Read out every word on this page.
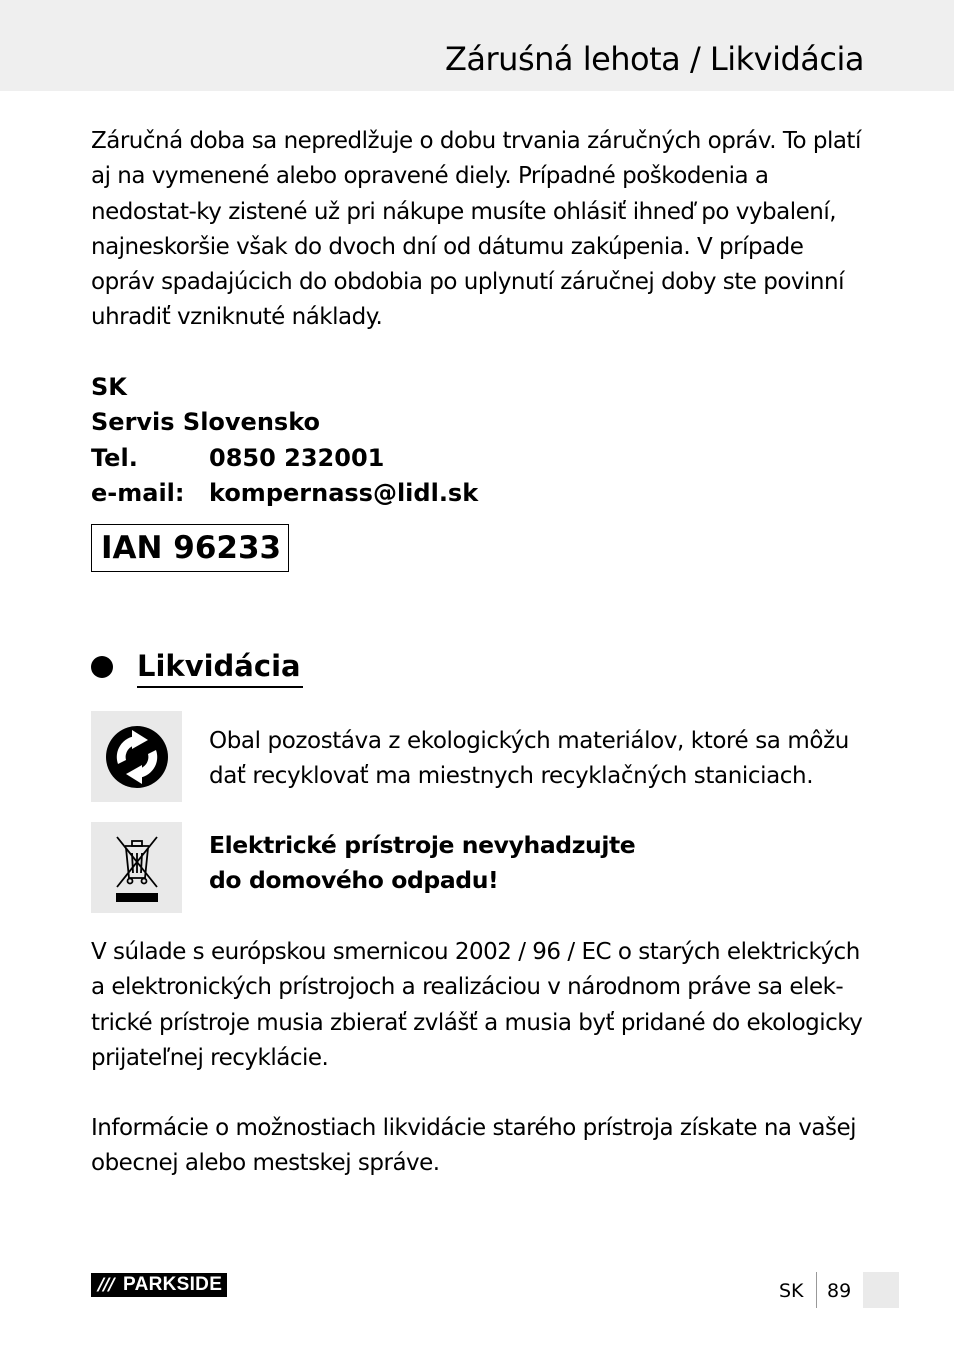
Záruśná lehota / Likvidácia

Záručná doba sa nepredlžuje o dobu trvania záručných opráv. To platí aj na vymenené alebo opravené diely. Prípadné poškodenia a nedostat-ky zistené už pri nákupe musíte ohlásiť ihneď po vybalení, najneskoršie však do dvoch dní od dátumu zakúpenia. V prípade opráv spadajúcich do obdobia po uplynutí záručnej doby ste povinní uhradiť vzniknuté náklady.

SK
Servis Slovensko
Tel.	0850 232001
e-mail: kompernass@lidl.sk
IAN 96233
Likvidácia

Obal pozostáva z ekologických materiálov, ktoré sa môžu dať recyklovať ma miestnych recyklačných staniciach.

Elektrické prístroje nevyhadzujte
do domového odpadu!

V súlade s európskou smernicou 2002 / 96 / EC o starých elektrických a elektronických prístrojoch a realizáciou v národnom práve sa elek-trické prístroje musia zbierať zvlášť a musia byť pridané do ekologicky prijateľnej recyklácie.

Informácie o možnostiach likvidácie starého prístroja získate na vašej obecnej alebo mestskej správe.

/// PARKSIDE	SK 89
